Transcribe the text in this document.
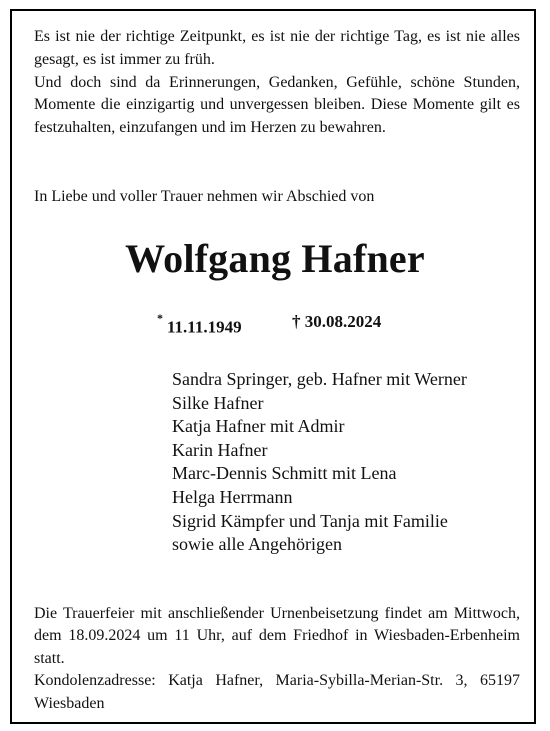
Es ist nie der richtige Zeitpunkt, es ist nie der richtige Tag, es ist nie alles gesagt, es ist immer zu früh.

Und doch sind da Erinnerungen, Gedanken, Gefühle, schöne Stunden, Momente die einzigartig und unvergessen bleiben. Diese Momente gilt es festzuhalten, einzufangen und im Herzen zu bewahren.

In Liebe und voller Trauer nehmen wir Abschied von
Wolfgang Hafner
* 11.11.1949	† 30.08.2024
Sandra Springer, geb. Hafner mit Werner
Silke Hafner
Katja Hafner mit Admir
Karin Hafner
Marc-Dennis Schmitt mit Lena
Helga Herrmann
Sigrid Kämpfer und Tanja mit Familie
sowie alle Angehörigen

Die Trauerfeier mit anschließender Urnenbeisetzung findet am Mittwoch, dem 18.09.2024 um 11 Uhr, auf dem Friedhof in Wiesbaden-Erbenheim statt.

Kondolenzadresse: Katja Hafner, Maria-Sybilla-Merian-Str. 3, 65197 Wiesbaden
